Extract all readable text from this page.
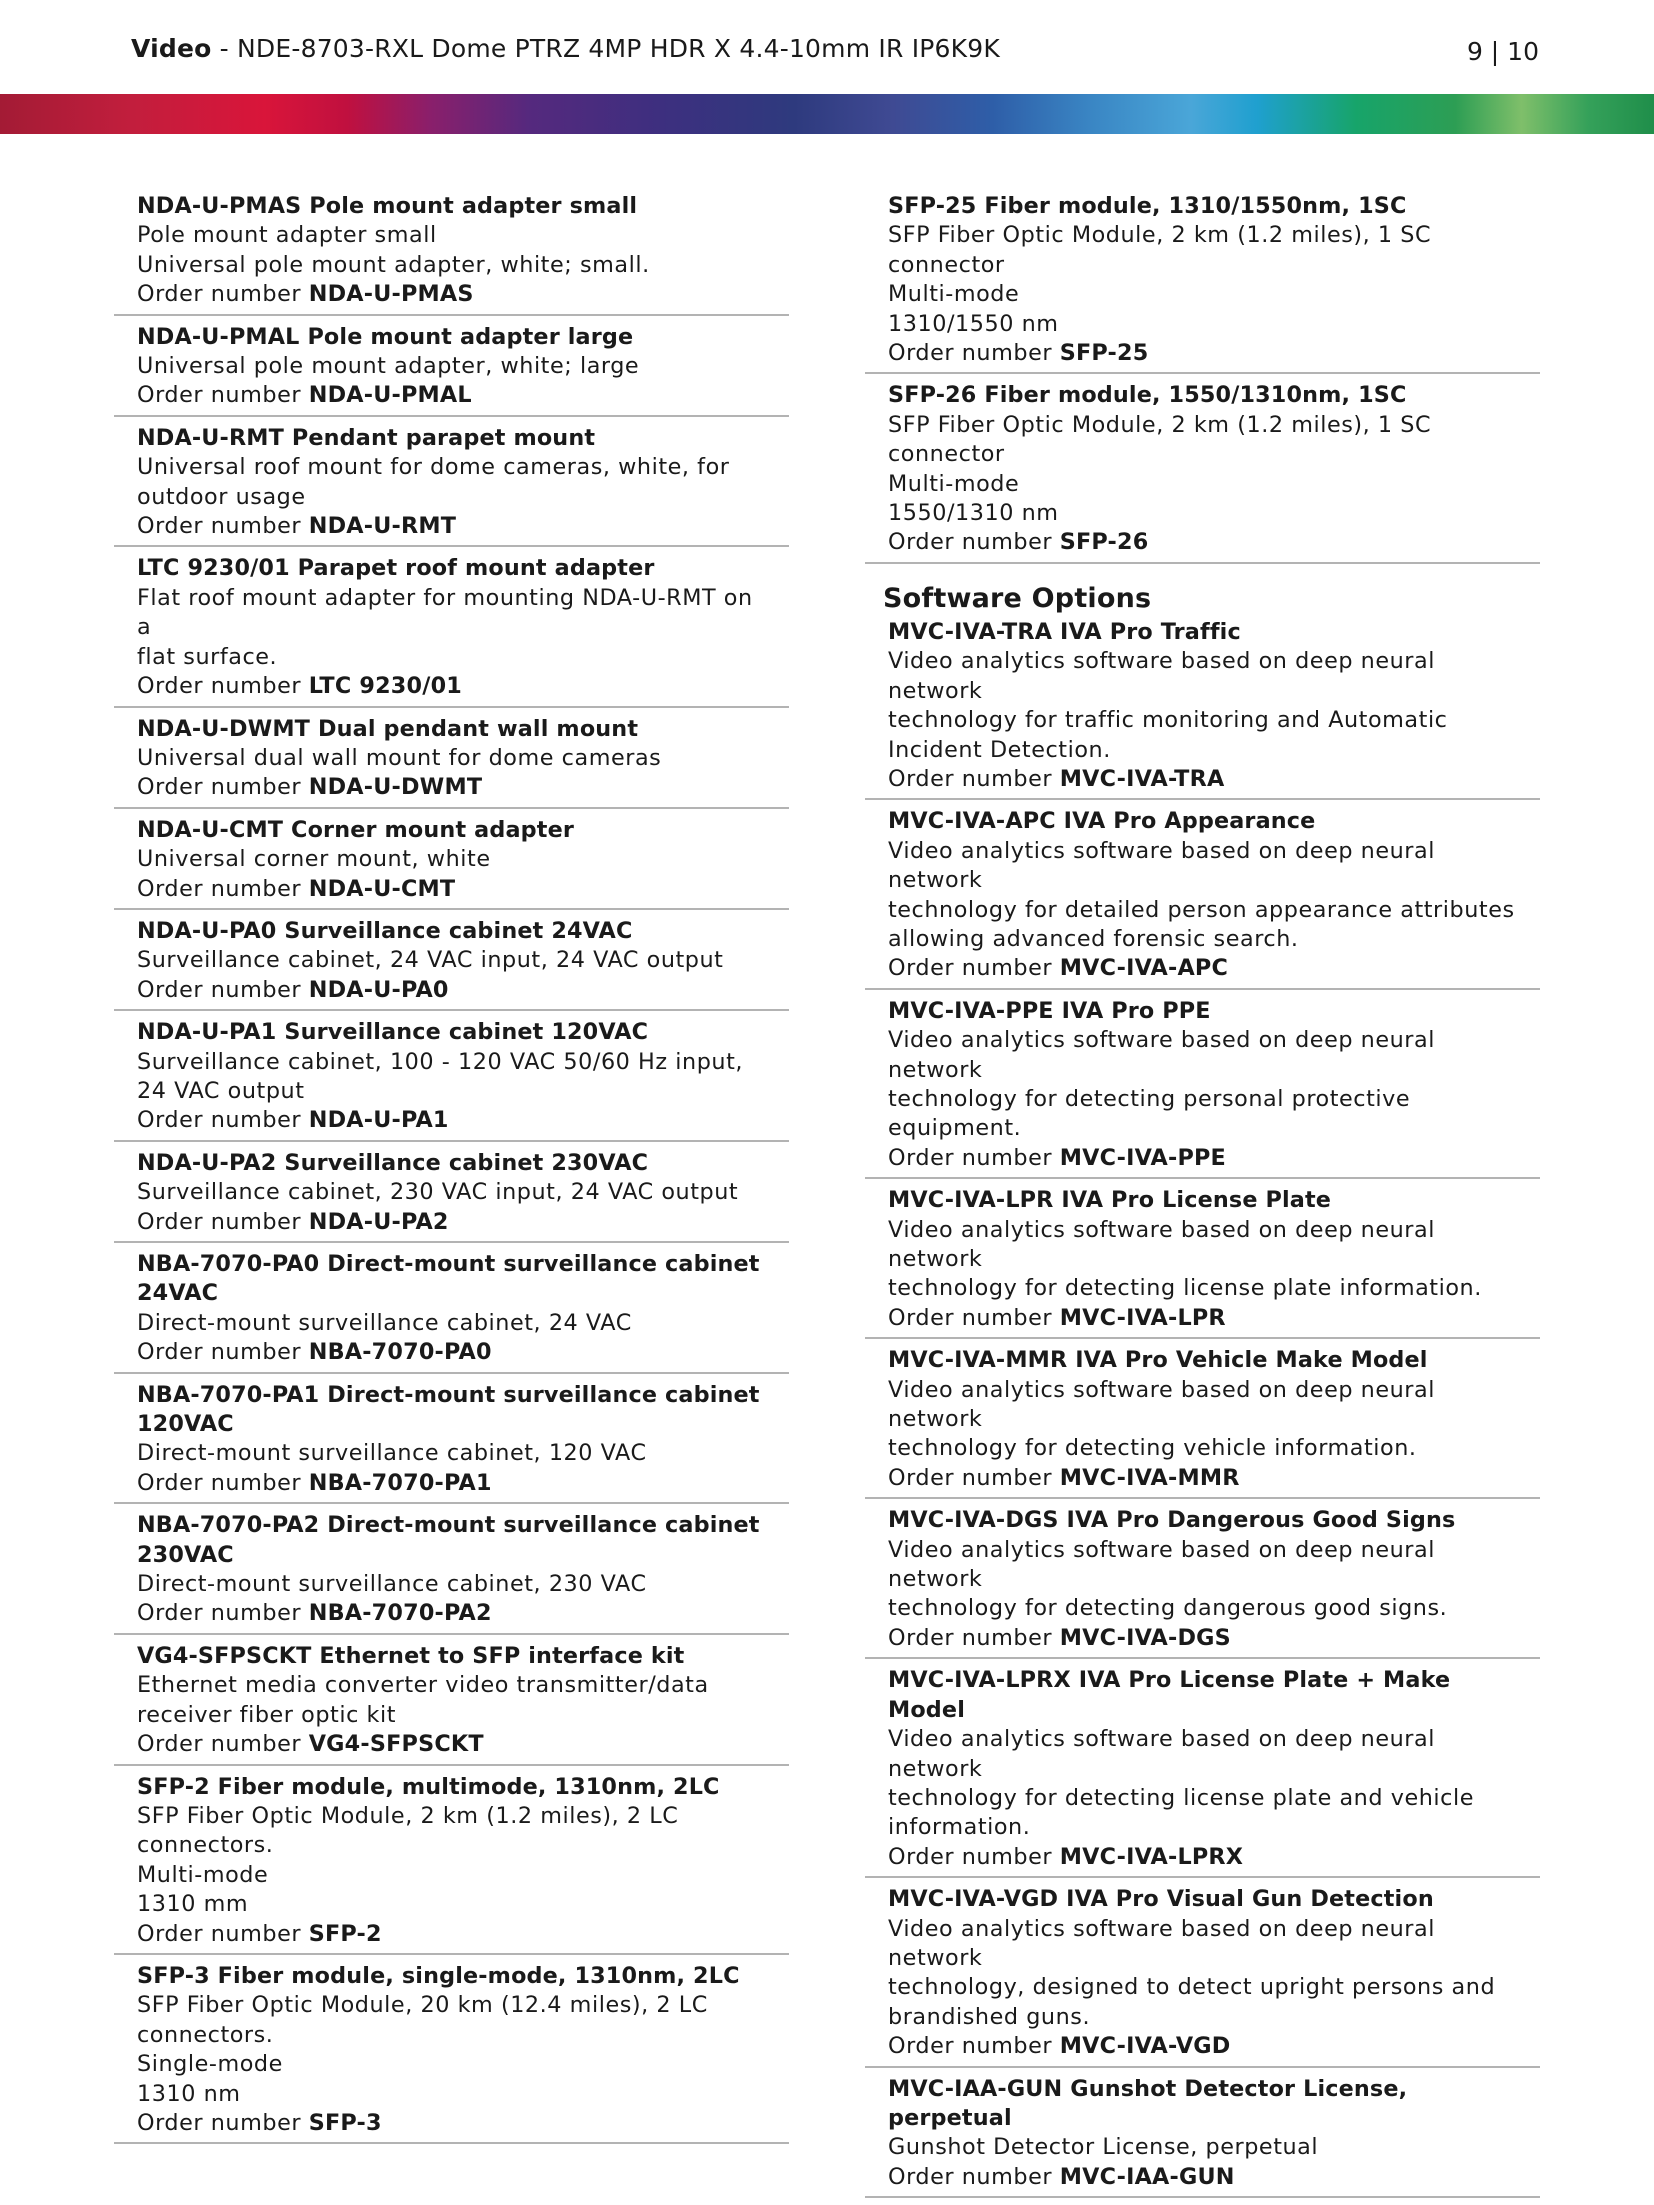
Video - NDE-8703-RXL Dome PTRZ 4MP HDR X 4.4-10mm IR IP6K9K	9 | 10
NDA-U-PMAS Pole mount adapter small
Pole mount adapter small
Universal pole mount adapter, white; small.
Order number NDA-U-PMAS
NDA-U-PMAL Pole mount adapter large
Universal pole mount adapter, white; large
Order number NDA-U-PMAL
NDA-U-RMT Pendant parapet mount
Universal roof mount for dome cameras, white, for
outdoor usage
Order number NDA-U-RMT
LTC 9230/01 Parapet roof mount adapter
Flat roof mount adapter for mounting NDA-U-RMT on a
flat surface.
Order number LTC 9230/01
NDA-U-DWMT Dual pendant wall mount
Universal dual wall mount for dome cameras
Order number NDA-U-DWMT
NDA-U-CMT Corner mount adapter
Universal corner mount, white
Order number NDA-U-CMT
NDA-U-PA0 Surveillance cabinet 24VAC
Surveillance cabinet, 24 VAC input, 24 VAC output
Order number NDA-U-PA0
NDA-U-PA1 Surveillance cabinet 120VAC
Surveillance cabinet, 100 - 120 VAC 50/60 Hz input,
24 VAC output
Order number NDA-U-PA1
NDA-U-PA2 Surveillance cabinet 230VAC
Surveillance cabinet, 230 VAC input, 24 VAC output
Order number NDA-U-PA2
NBA-7070-PA0 Direct-mount surveillance cabinet 24VAC
Direct-mount surveillance cabinet, 24 VAC
Order number NBA-7070-PA0
NBA-7070-PA1 Direct-mount surveillance cabinet 120VAC
Direct-mount surveillance cabinet, 120 VAC
Order number NBA-7070-PA1
NBA-7070-PA2 Direct-mount surveillance cabinet 230VAC
Direct-mount surveillance cabinet, 230 VAC
Order number NBA-7070-PA2
VG4-SFPSCKT Ethernet to SFP interface kit
Ethernet media converter video transmitter/data
receiver fiber optic kit
Order number VG4-SFPSCKT
SFP-2 Fiber module, multimode, 1310nm, 2LC
SFP Fiber Optic Module, 2 km (1.2 miles), 2 LC
connectors.
Multi-mode
1310 mm
Order number SFP-2
SFP-3 Fiber module, single-mode, 1310nm, 2LC
SFP Fiber Optic Module, 20 km (12.4 miles), 2 LC
connectors.
Single-mode
1310 nm
Order number SFP-3
SFP-25 Fiber module, 1310/1550nm, 1SC
SFP Fiber Optic Module, 2 km (1.2 miles), 1 SC
connector
Multi-mode
1310/1550 nm
Order number SFP-25
SFP-26 Fiber module, 1550/1310nm, 1SC
SFP Fiber Optic Module, 2 km (1.2 miles), 1 SC
connector
Multi-mode
1550/1310 nm
Order number SFP-26
Software Options
MVC-IVA-TRA IVA Pro Traffic
Video analytics software based on deep neural network
technology for traffic monitoring and Automatic
Incident Detection.
Order number MVC-IVA-TRA
MVC-IVA-APC IVA Pro Appearance
Video analytics software based on deep neural network
technology for detailed person appearance attributes
allowing advanced forensic search.
Order number MVC-IVA-APC
MVC-IVA-PPE IVA Pro PPE
Video analytics software based on deep neural network
technology for detecting personal protective
equipment.
Order number MVC-IVA-PPE
MVC-IVA-LPR IVA Pro License Plate
Video analytics software based on deep neural network
technology for detecting license plate information.
Order number MVC-IVA-LPR
MVC-IVA-MMR IVA Pro Vehicle Make Model
Video analytics software based on deep neural network
technology for detecting vehicle information.
Order number MVC-IVA-MMR
MVC-IVA-DGS IVA Pro Dangerous Good Signs
Video analytics software based on deep neural network
technology for detecting dangerous good signs.
Order number MVC-IVA-DGS
MVC-IVA-LPRX IVA Pro License Plate + Make Model
Video analytics software based on deep neural network
technology for detecting license plate and vehicle
information.
Order number MVC-IVA-LPRX
MVC-IVA-VGD IVA Pro Visual Gun Detection
Video analytics software based on deep neural network
technology, designed to detect upright persons and
brandished guns.
Order number MVC-IVA-VGD
MVC-IAA-GUN Gunshot Detector License, perpetual
Gunshot Detector License, perpetual
Order number MVC-IAA-GUN
